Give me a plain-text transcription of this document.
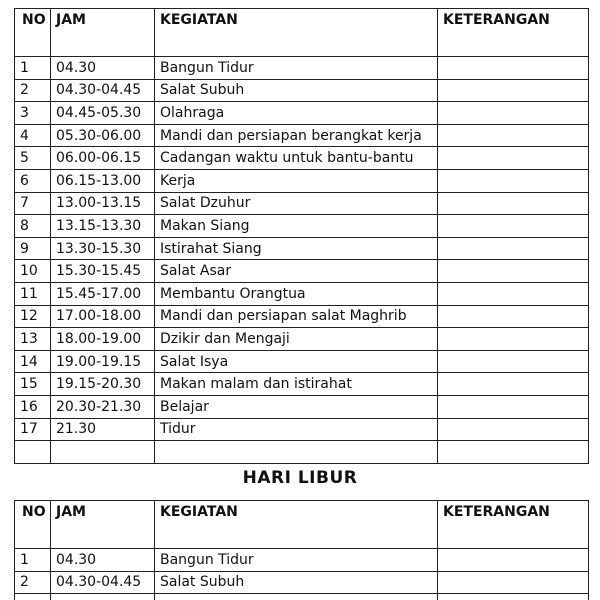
NO	JAM	KEGIATAN	KETERANGAN
1	04.30	Bangun Tidur	
2	04.30-04.45	Salat Subuh	
3	04.45-05.30	Olahraga	
4	05.30-06.00	Mandi dan persiapan berangkat kerja	
5	06.00-06.15	Cadangan waktu untuk bantu-bantu	
6	06.15-13.00	Kerja	
7	13.00-13.15	Salat Dzuhur	
8	13.15-13.30	Makan Siang	
9	13.30-15.30	Istirahat Siang	
10	15.30-15.45	Salat Asar	
11	15.45-17.00	Membantu Orangtua	
12	17.00-18.00	Mandi dan persiapan salat Maghrib	
13	18.00-19.00	Dzikir dan Mengaji	
14	19.00-19.15	Salat Isya	
15	19.15-20.30	Makan malam dan istirahat	
16	20.30-21.30	Belajar	
17	21.30	Tidur	

HARI LIBUR
NO	JAM	KEGIATAN	KETERANGAN
1	04.30	Bangun Tidur	
2	04.30-04.45	Salat Subuh	
